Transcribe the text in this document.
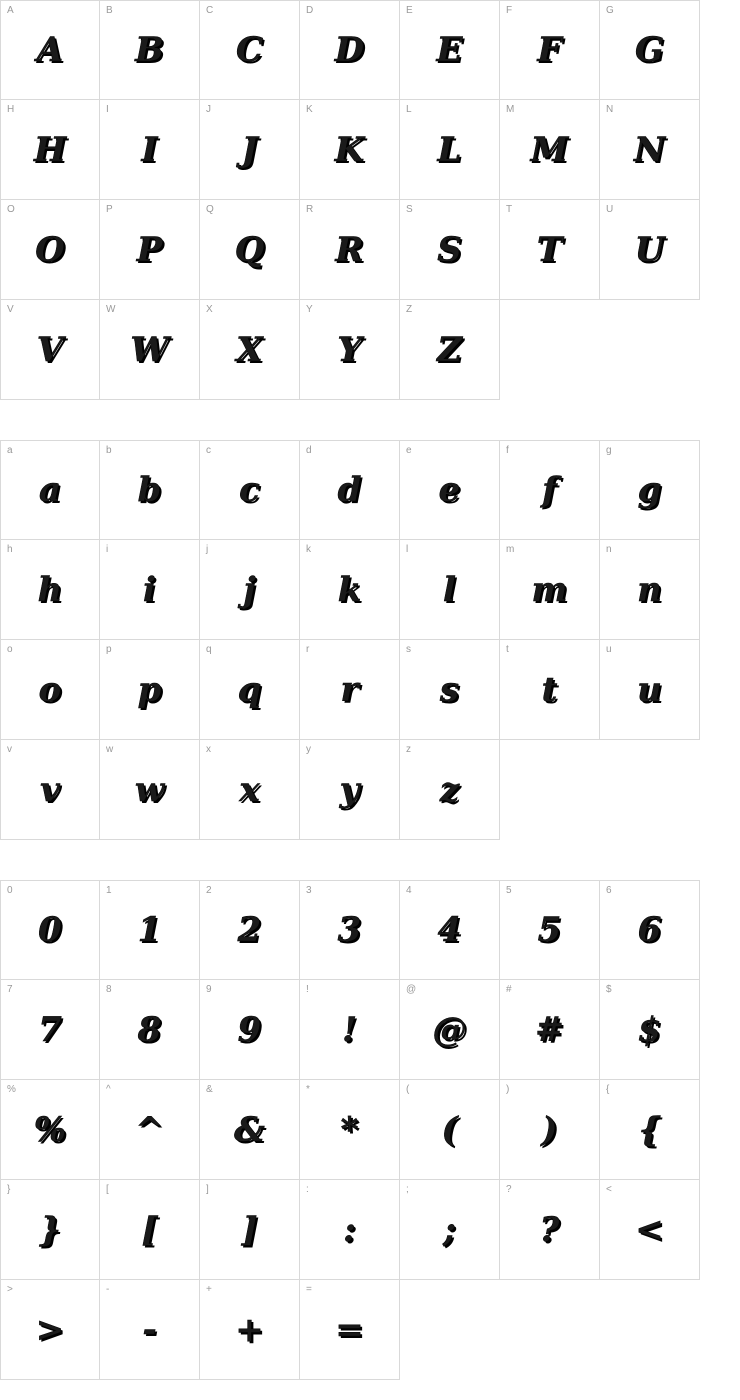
A
A
B
B
C
C
D
D
E
E
F
F
G
G
H
H
I
I
J
J
K
K
L
L
M
M
N
N
O
O
P
P
Q
Q
R
R
S
S
T
T
U
U
V
V
W
W
X
X
Y
Y
Z
Z
a
a
b
b
c
c
d
d
e
e
f
f
g
g
h
h
i
i
j
j
k
k
l
l
m
m
n
n
o
o
p
p
q
q
r
r
s
s
t
t
u
u
v
v
w
w
x
x
y
y
z
z
0
0
1
1
2
2
3
3
4
4
5
5
6
6
7
7
8
8
9
9
!
!
@
@
#
#
$
$
%
%
^
^
&
&
*
*
(
(
)
)
{
{
}
}
[
[
]
]
:
:
;
;
?
?
<
<
>
>
-
-
+
+
=
=
